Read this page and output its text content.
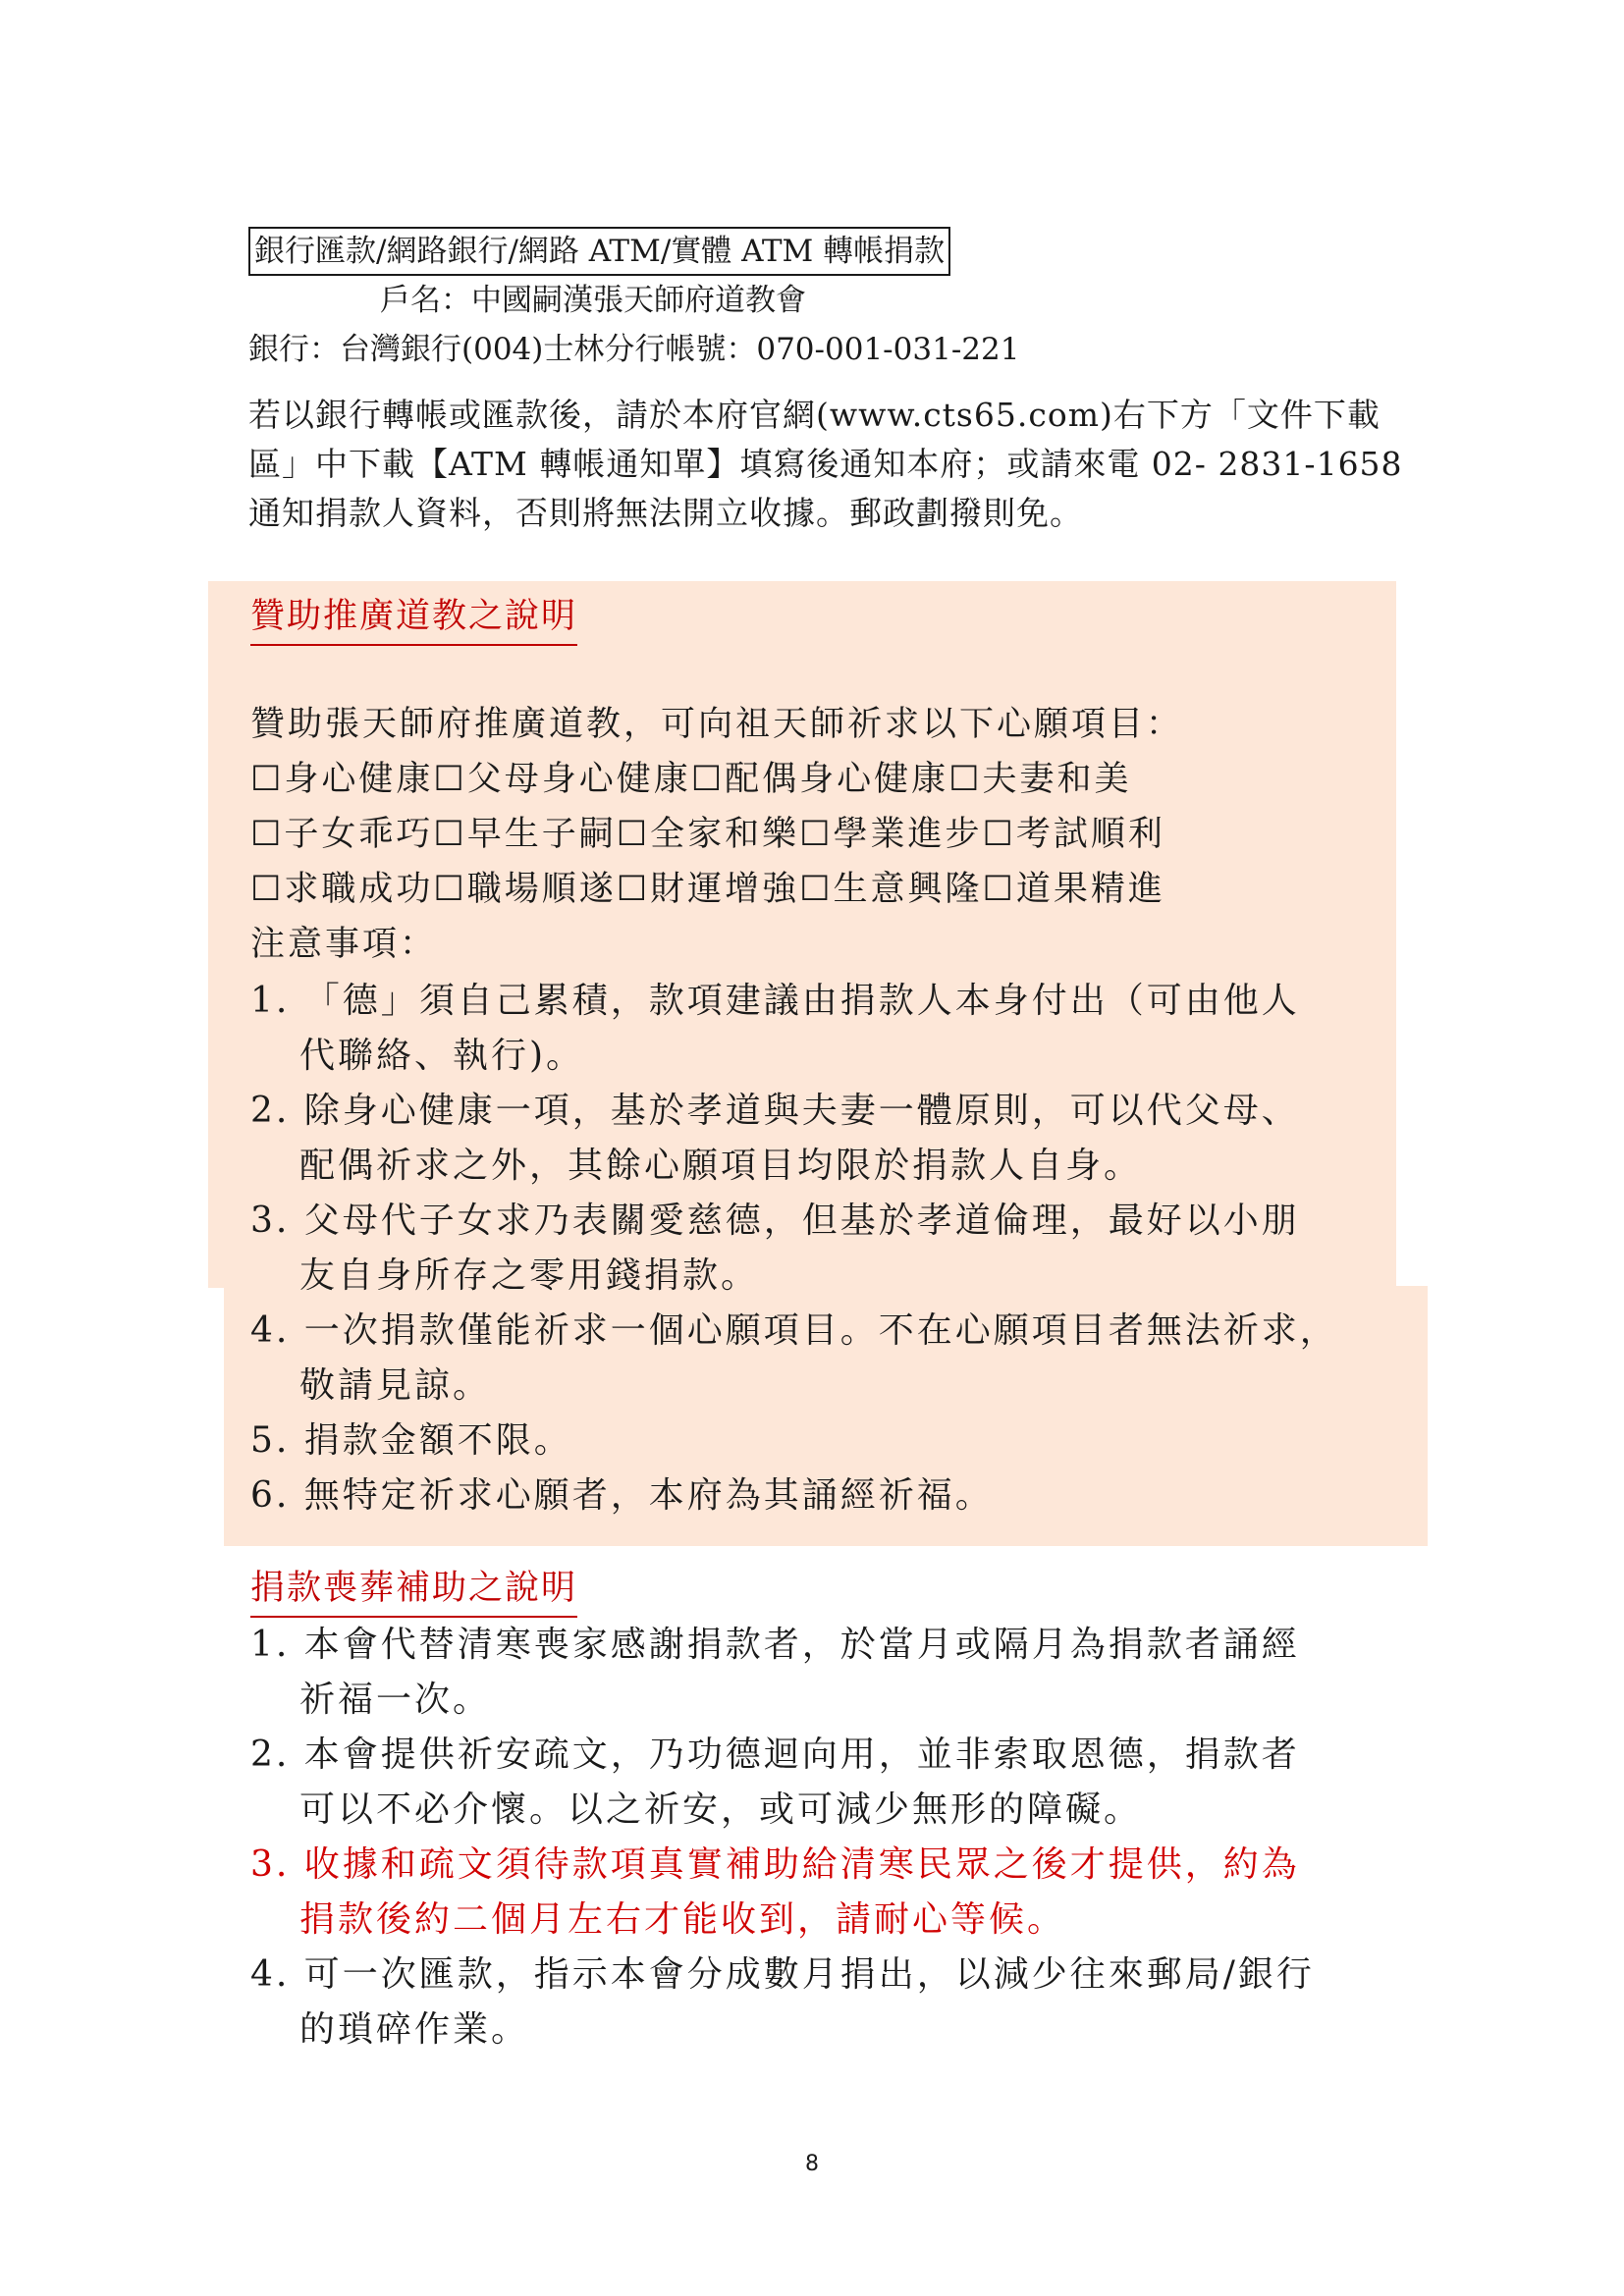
銀行匯款/網路銀行/網路 ATM/實體 ATM 轉帳捐款
戶名：中國嗣漢張天師府道教會
銀行：台灣銀行(004)士林分行帳號：070-001-031-221
若以銀行轉帳或匯款後，請於本府官網(www.cts65.com)右下方「文件下載
區」中下載【ATM 轉帳通知單】填寫後通知本府；或請來電 02- 2831-1658
通知捐款人資料，否則將無法開立收據。郵政劃撥則免。
贊助推廣道教之說明
贊助張天師府推廣道教，可向祖天師祈求以下心願項目：
☐身心健康☐父母身心健康☐配偶身心健康☐夫妻和美
☐子女乖巧☐早生子嗣☐全家和樂☐學業進步☐考試順利
☐求職成功☐職場順遂☐財運增強☐生意興隆☐道果精進
注意事項：
1. 「德」須自己累積，款項建議由捐款人本身付出（可由他人
代聯絡、執行)。
2. 除身心健康一項，基於孝道與夫妻一體原則，可以代父母、
配偶祈求之外，其餘心願項目均限於捐款人自身。
3. 父母代子女求乃表關愛慈德，但基於孝道倫理，最好以小朋
友自身所存之零用錢捐款。
4. 一次捐款僅能祈求一個心願項目。不在心願項目者無法祈求，
敬請見諒。
5. 捐款金額不限。
6. 無特定祈求心願者，本府為其誦經祈福。
捐款喪葬補助之說明
1. 本會代替清寒喪家感謝捐款者，於當月或隔月為捐款者誦經
祈福一次。
2. 本會提供祈安疏文，乃功德迴向用，並非索取恩德，捐款者
可以不必介懷。以之祈安，或可減少無形的障礙。
3. 收據和疏文須待款項真實補助給清寒民眾之後才提供，約為
捐款後約二個月左右才能收到，請耐心等候。
4. 可一次匯款，指示本會分成數月捐出，以減少往來郵局/銀行
的瑣碎作業。
8
